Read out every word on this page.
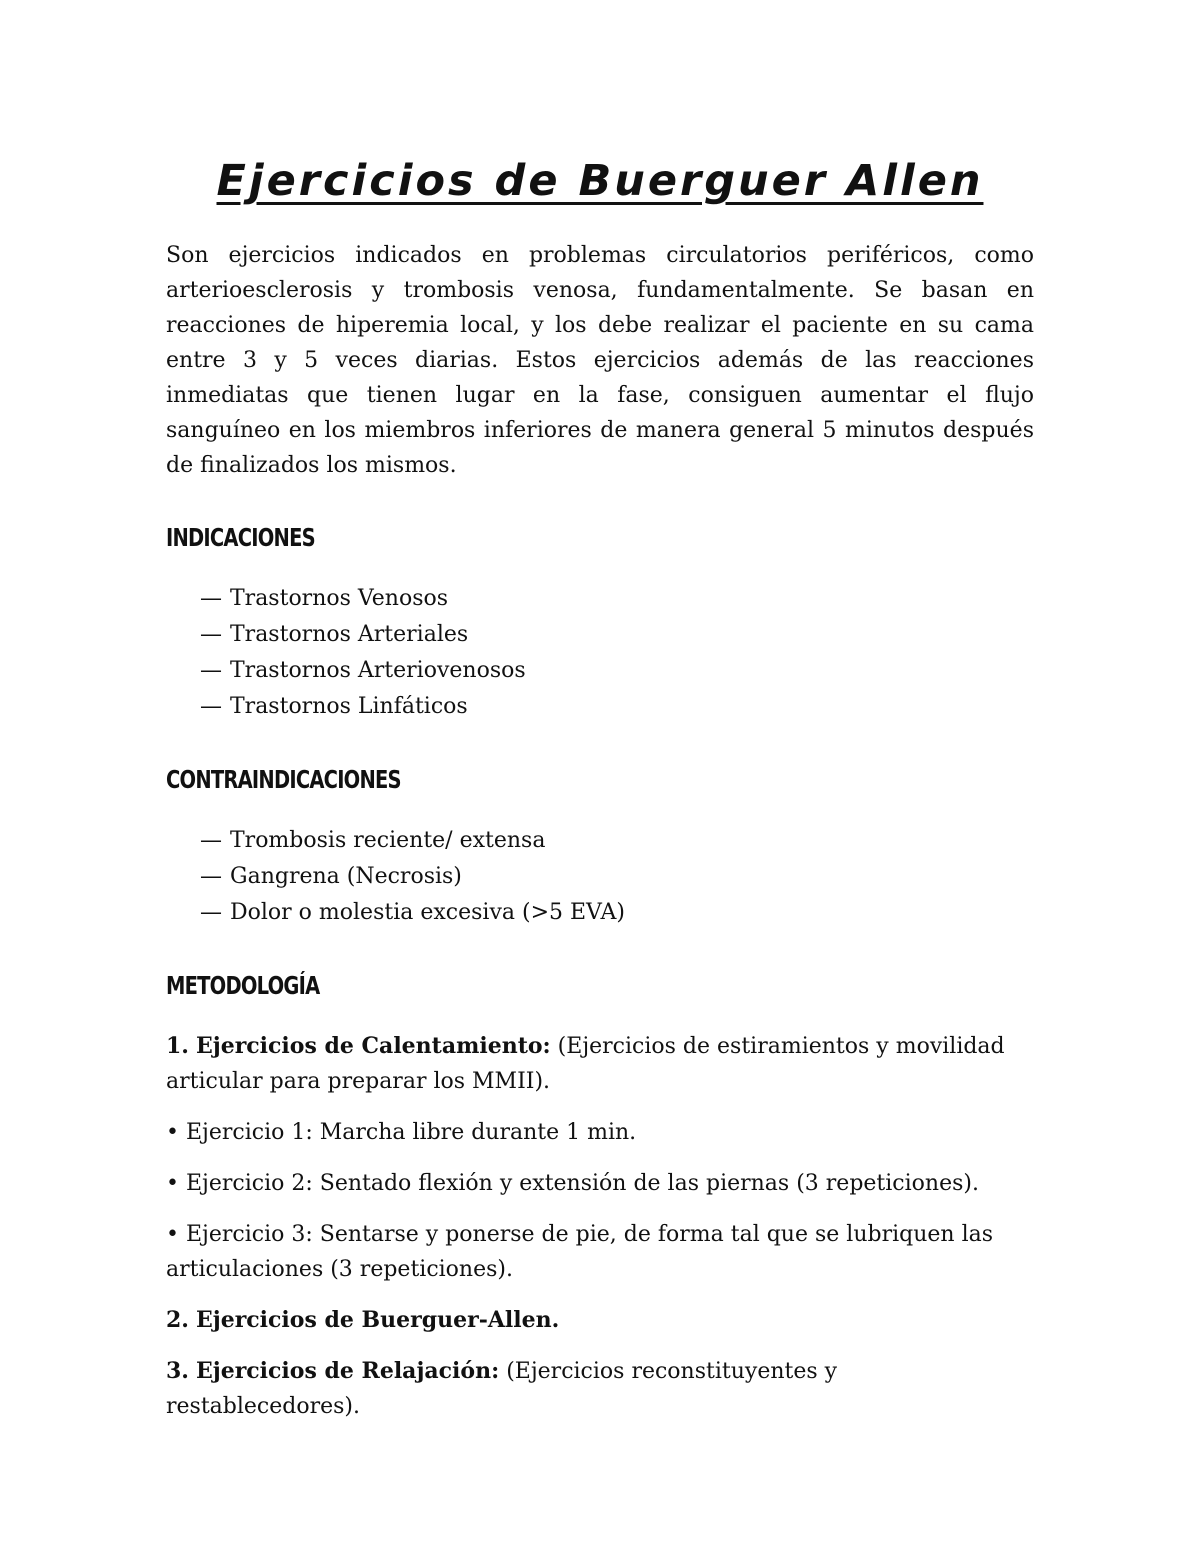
Ejercicios de Buerguer Allen

Son ejercicios indicados en problemas circulatorios periféricos, como arterioesclerosis y trombosis venosa, fundamentalmente. Se basan en reacciones de hiperemia local, y los debe realizar el paciente en su cama entre 3 y 5 veces diarias. Estos ejercicios además de las reacciones inmediatas que tienen lugar en la fase, consiguen aumentar el flujo sanguíneo en los miembros inferiores de manera general 5 minutos después de finalizados los mismos.

INDICACIONES
— Trastornos Venosos
— Trastornos Arteriales
— Trastornos Arteriovenosos
— Trastornos Linfáticos
CONTRAINDICACIONES
— Trombosis reciente/ extensa
— Gangrena (Necrosis)
— Dolor o molestia excesiva (>5 EVA)
METODOLOGÍA

1. Ejercicios de Calentamiento: (Ejercicios de estiramientos y movilidad articular para preparar los MMII).

• Ejercicio 1: Marcha libre durante 1 min.

• Ejercicio 2: Sentado flexión y extensión de las piernas (3 repeticiones).

• Ejercicio 3: Sentarse y ponerse de pie, de forma tal que se lubriquen las articulaciones (3 repeticiones).

2. Ejercicios de Buerguer-Allen.

3. Ejercicios de Relajación: (Ejercicios reconstituyentes y restablecedores).
